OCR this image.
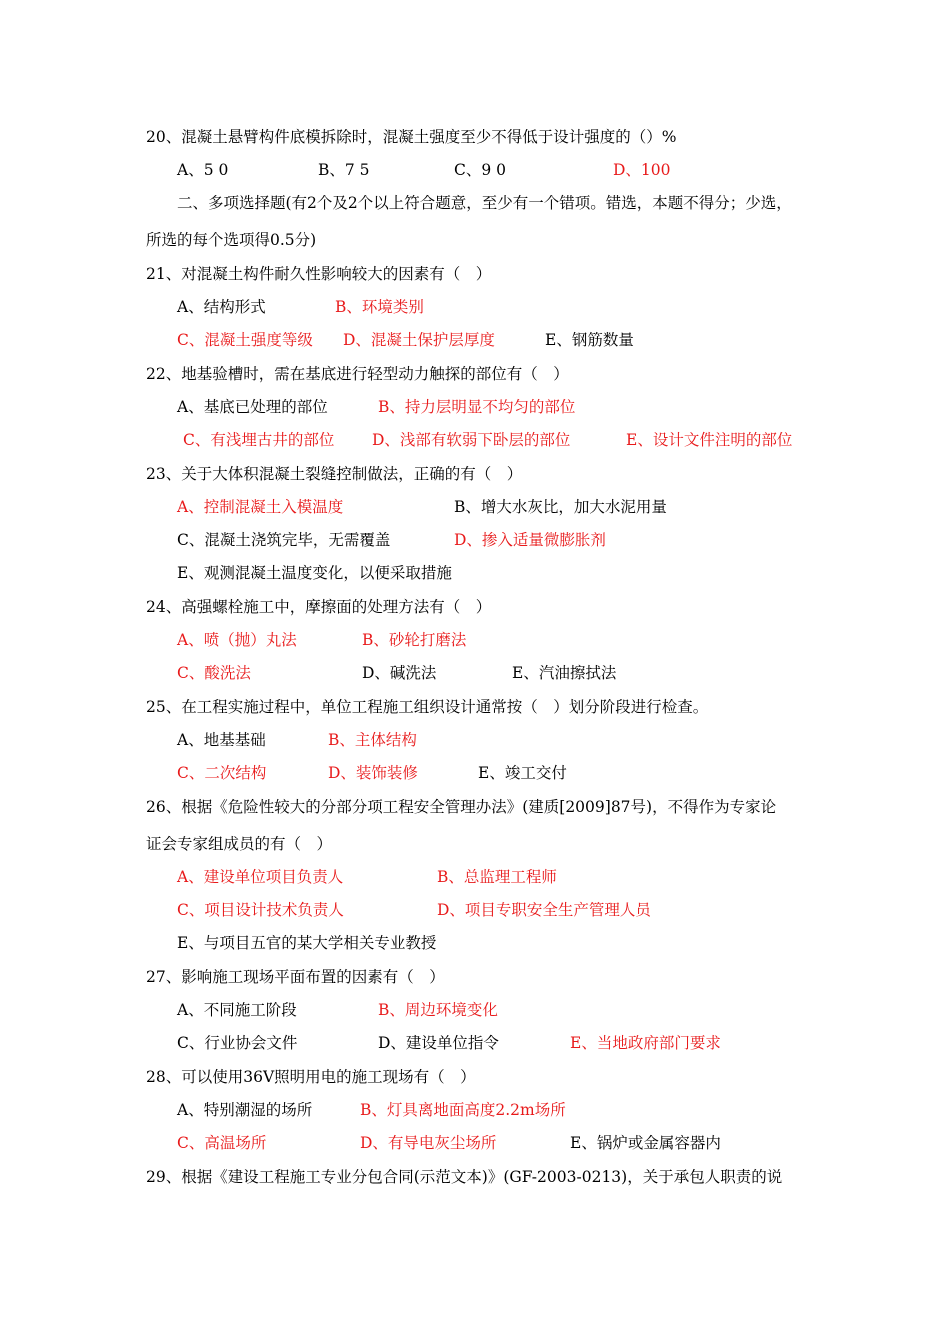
20、混凝土悬臂构件底模拆除时，混凝土强度至少不得低于设计强度的（）%
A、5 0	B、7 5	C、9 0	D、100
二、多项选择题(有2个及2个以上符合题意，至少有一个错项。错选，本题不得分；少选，
所选的每个选项得0.5分)
21、对混凝土构件耐久性影响较大的因素有（　）
A、结构形式	B、环境类别
C、混凝土强度等级 D、混凝土保护层厚度	E、钢筋数量
22、地基验槽时，需在基底进行轻型动力触探的部位有（　）
A、基底已处理的部位	B、持力层明显不均匀的部位
C、有浅埋古井的部位 D、浅部有软弱下卧层的部位	E、设计文件注明的部位
23、关于大体积混凝土裂缝控制做法，正确的有（　）
A、控制混凝土入模温度	B、增大水灰比，加大水泥用量
C、混凝土浇筑完毕，无需覆盖	D、掺入适量微膨胀剂
E、观测混凝土温度变化，以便采取措施
24、高强螺栓施工中，摩擦面的处理方法有（　）
A、喷（抛）丸法	B、砂轮打磨法
C、酸洗法	D、碱洗法	E、汽油擦拭法
25、在工程实施过程中，单位工程施工组织设计通常按（　）划分阶段进行检查。
A、地基基础	B、主体结构
C、二次结构	D、装饰装修	E、竣工交付
26、根据《危险性较大的分部分项工程安全管理办法》(建质[2009]87号)，不得作为专家论
证会专家组成员的有（　）
A、建设单位项目负责人	B、总监理工程师
C、项目设计技术负责人	D、项目专职安全生产管理人员
E、与项目五官的某大学相关专业教授
27、影响施工现场平面布置的因素有（　）
A、不同施工阶段	B、周边环境变化
C、行业协会文件	D、建设单位指令	E、当地政府部门要求
28、可以使用36V照明用电的施工现场有（　）
A、特别潮湿的场所	B、灯具离地面高度2.2m场所
C、高温场所	D、有导电灰尘场所	E、锅炉或金属容器内
29、根据《建设工程施工专业分包合同(示范文本)》(GF-2003-0213)，关于承包人职责的说
